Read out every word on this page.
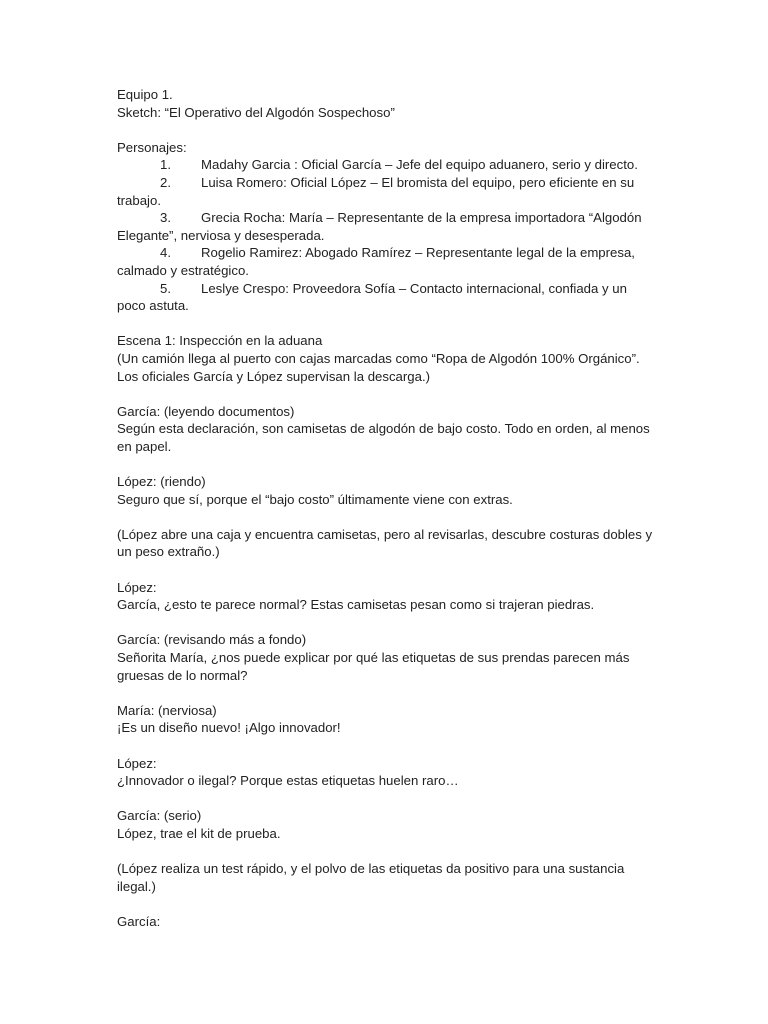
Equipo 1.
Sketch: “El Operativo del Algodón Sospechoso”
Personajes:
1. Madahy Garcia : Oficial García – Jefe del equipo aduanero, serio y directo.
2. Luisa Romero: Oficial López – El bromista del equipo, pero eficiente en su
trabajo.
3. Grecia Rocha: María – Representante de la empresa importadora “Algodón
Elegante”, nerviosa y desesperada.
4. Rogelio Ramirez: Abogado Ramírez – Representante legal de la empresa,
calmado y estratégico.
5. Leslye Crespo: Proveedora Sofía – Contacto internacional, confiada y un
poco astuta.
Escena 1: Inspección en la aduana
(Un camión llega al puerto con cajas marcadas como “Ropa de Algodón 100% Orgánico”.
Los oficiales García y López supervisan la descarga.)
García: (leyendo documentos)
Según esta declaración, son camisetas de algodón de bajo costo. Todo en orden, al menos
en papel.
López: (riendo)
Seguro que sí, porque el “bajo costo” últimamente viene con extras.
(López abre una caja y encuentra camisetas, pero al revisarlas, descubre costuras dobles y
un peso extraño.)
López:
García, ¿esto te parece normal? Estas camisetas pesan como si trajeran piedras.
García: (revisando más a fondo)
Señorita María, ¿nos puede explicar por qué las etiquetas de sus prendas parecen más
gruesas de lo normal?
María: (nerviosa)
¡Es un diseño nuevo! ¡Algo innovador!
López:
¿Innovador o ilegal? Porque estas etiquetas huelen raro…
García: (serio)
López, trae el kit de prueba.
(López realiza un test rápido, y el polvo de las etiquetas da positivo para una sustancia
ilegal.)
García:
